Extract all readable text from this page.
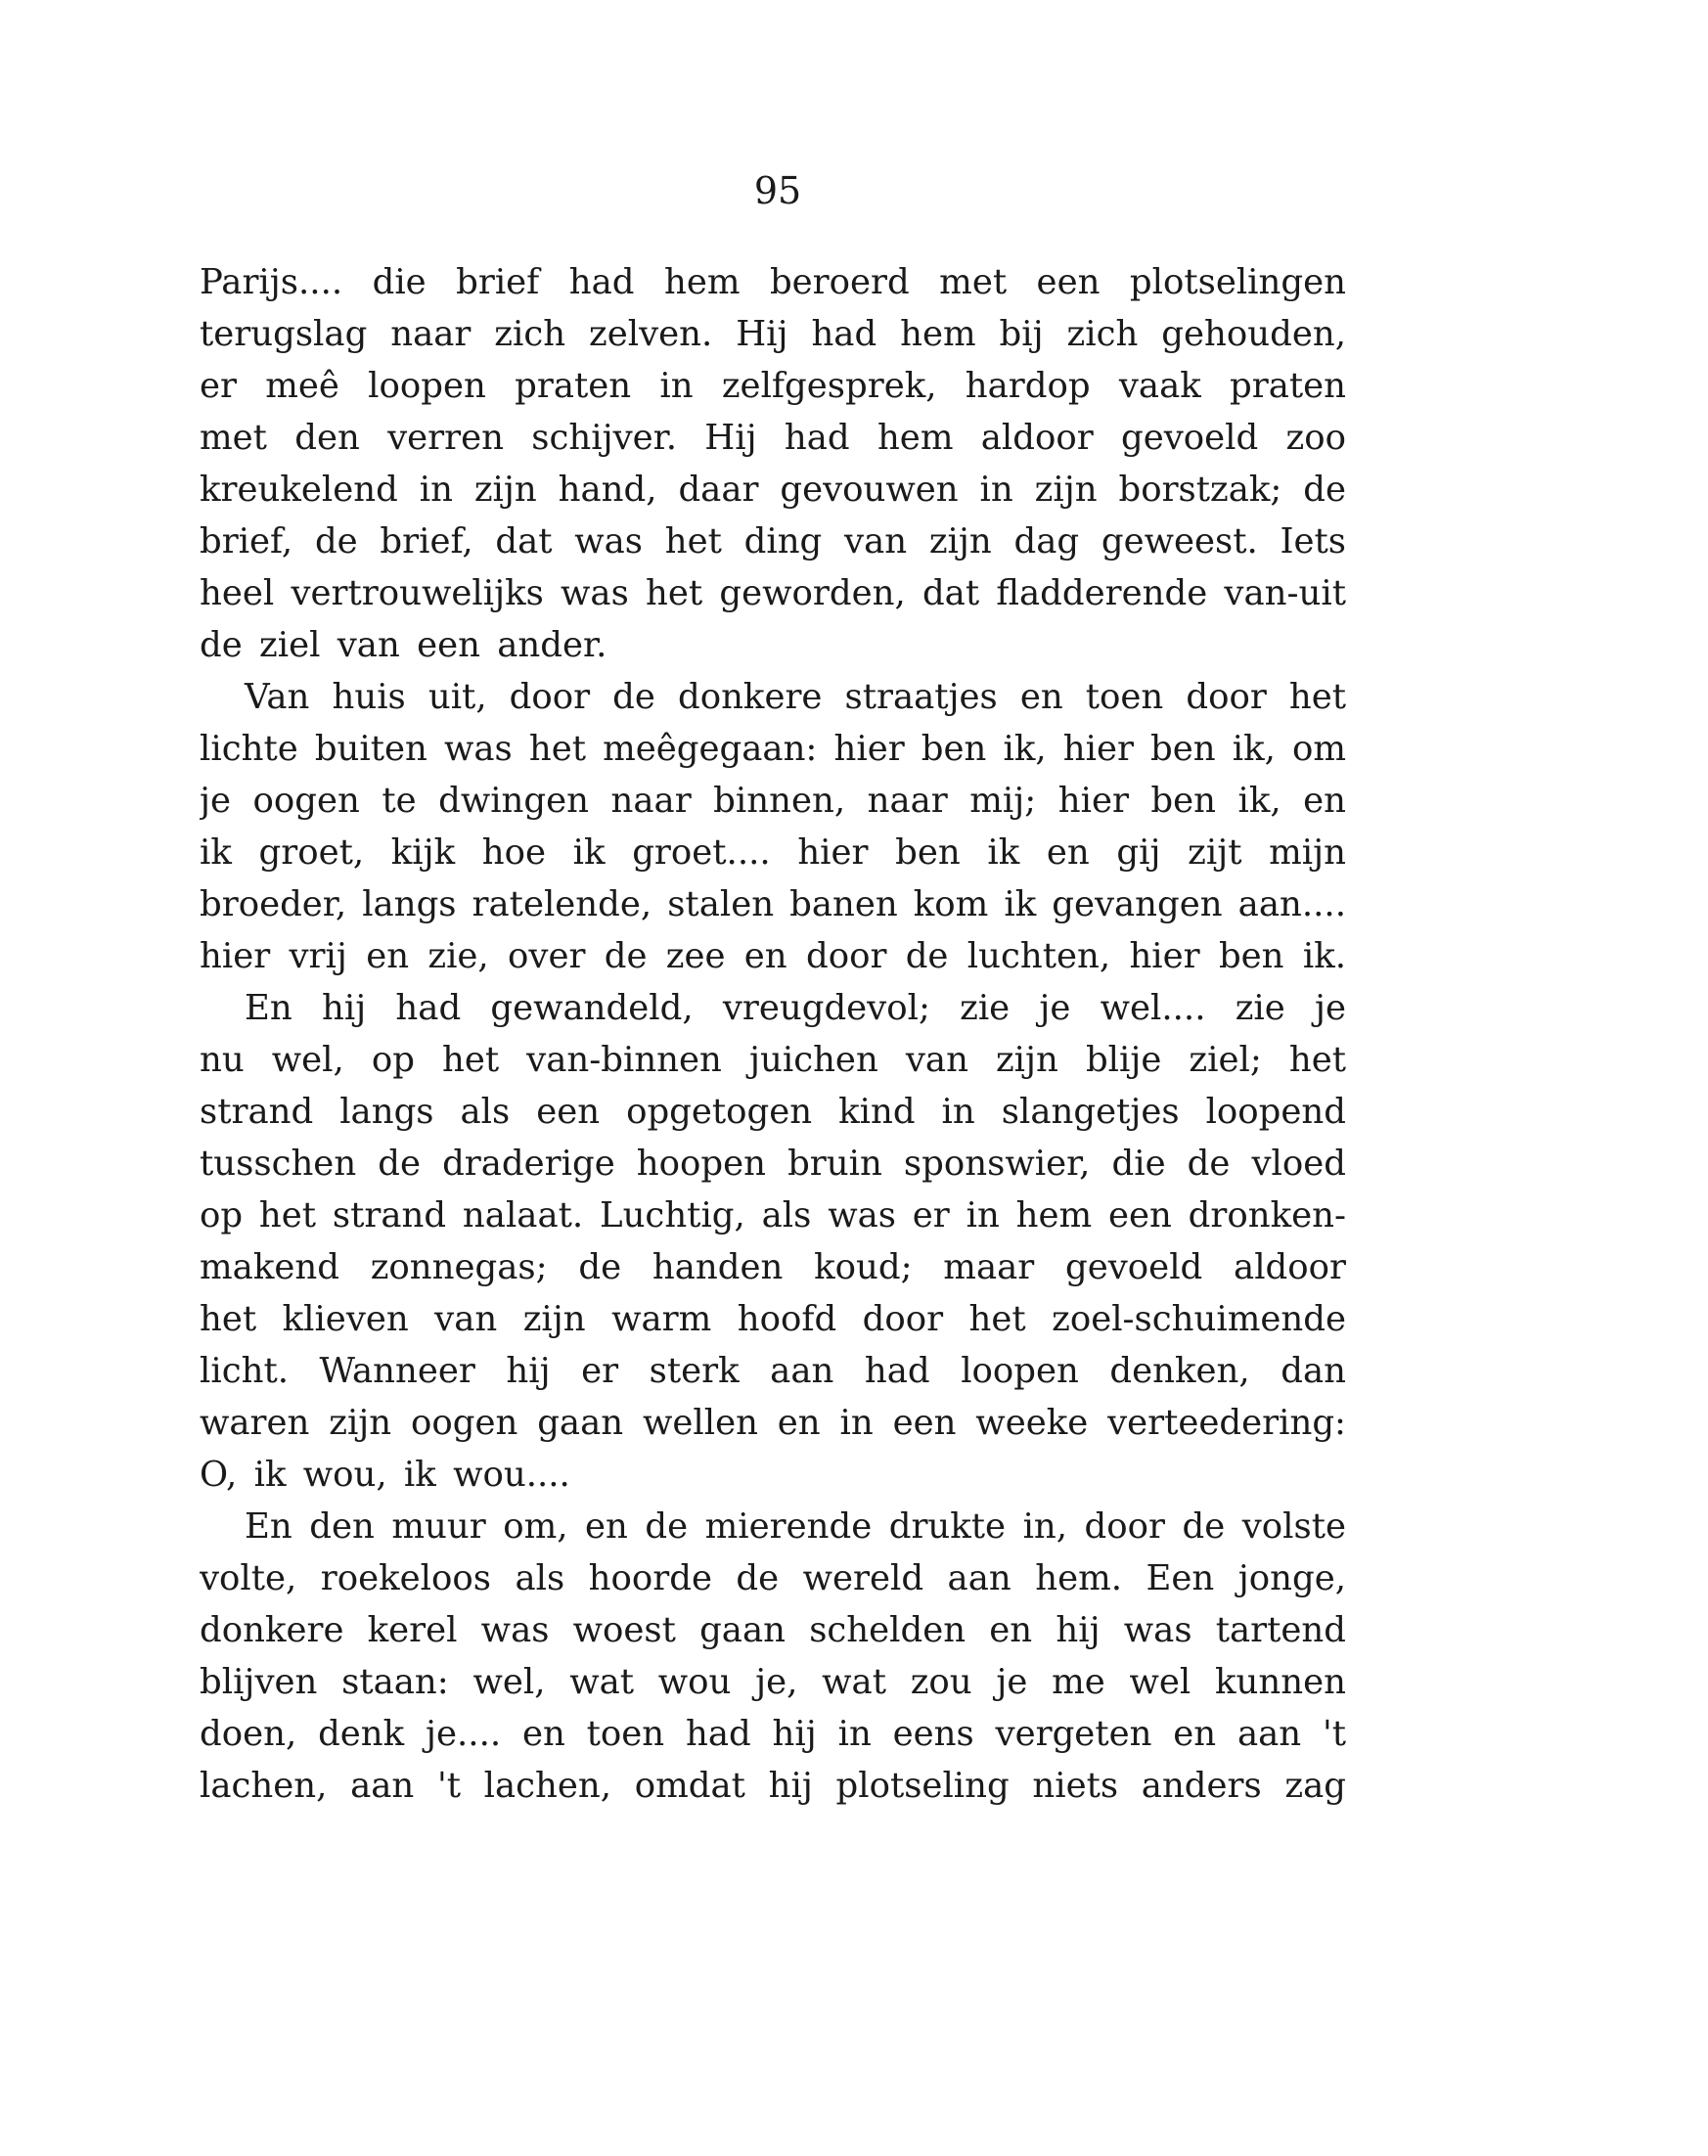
95
Parijs.... die brief had hem beroerd met een plotselingen
terugslag naar zich zelven. Hij had hem bij zich gehouden,
er meê loopen praten in zelfgesprek, hardop vaak praten
met den verren schijver. Hij had hem aldoor gevoeld zoo
kreukelend in zijn hand, daar gevouwen in zijn borstzak; de
brief, de brief, dat was het ding van zijn dag geweest. Iets
heel vertrouwelijks was het geworden, dat fladderende van-uit
de ziel van een ander.
Van huis uit, door de donkere straatjes en toen door het
lichte buiten was het meêgegaan: hier ben ik, hier ben ik, om
je oogen te dwingen naar binnen, naar mij; hier ben ik, en
ik groet, kijk hoe ik groet.... hier ben ik en gij zijt mijn
broeder, langs ratelende, stalen banen kom ik gevangen aan....
hier vrij en zie, over de zee en door de luchten, hier ben ik.
En hij had gewandeld, vreugdevol; zie je wel.... zie je
nu wel, op het van-binnen juichen van zijn blije ziel; het
strand langs als een opgetogen kind in slangetjes loopend
tusschen de draderige hoopen bruin sponswier, die de vloed
op het strand nalaat. Luchtig, als was er in hem een dronken-
makend zonnegas; de handen koud; maar gevoeld aldoor
het klieven van zijn warm hoofd door het zoel-schuimende
licht. Wanneer hij er sterk aan had loopen denken, dan
waren zijn oogen gaan wellen en in een weeke verteedering:
O, ik wou, ik wou....
En den muur om, en de mierende drukte in, door de volste
volte, roekeloos als hoorde de wereld aan hem. Een jonge,
donkere kerel was woest gaan schelden en hij was tartend
blijven staan: wel, wat wou je, wat zou je me wel kunnen
doen, denk je.... en toen had hij in eens vergeten en aan 't
lachen, aan 't lachen, omdat hij plotseling niets anders zag
